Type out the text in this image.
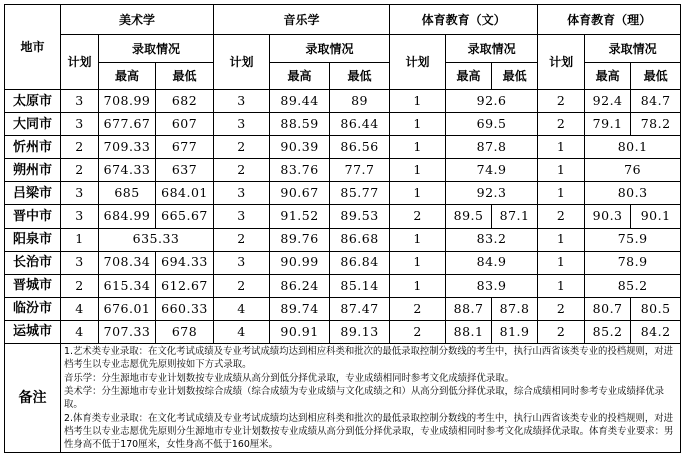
地市	美术学			音乐学			体育教育（文）			体育教育（理）		
	计划	录取情况		计划	录取情况		计划	录取情况		计划	录取情况	
		最高	最低		最高	最低		最高	最低		最高	最低
太原市	3	708.99	682	3	89.44	89	1	92.6		2	92.4	84.7
大同市	3	677.67	607	3	88.59	86.44	1	69.5		2	79.1	78.2
忻州市	2	709.33	677	2	90.39	86.56	1	87.8		1	80.1	
朔州市	2	674.33	637	2	83.76	77.7	1	74.9		1	76	
吕梁市	3	685	684.01	3	90.67	85.77	1	92.3		1	80.3	
晋中市	3	684.99	665.67	3	91.52	89.53	2	89.5	87.1	2	90.3	90.1
阳泉市	1	635.33		2	89.76	86.68	1	83.2		1	75.9	
长治市	3	708.34	694.33	3	90.99	86.84	1	84.9		1	78.9	
晋城市	2	615.34	612.67	2	86.24	85.14	1	83.9		1	85.2	
临汾市	4	676.01	660.33	4	89.74	87.47	2	88.7	87.8	2	80.7	80.5
运城市	4	707.33	678	4	90.91	89.13	2	88.1	81.9	2	85.2	84.2
备注	1.艺术类专业录取：在文化考试成绩及专业考试成绩均达到相应科类和批次的最低录取控制分数线的考生中，执行山西省该类专业的投档规则，对进档考生以专业志愿优先原则按如下方式录取。

音乐学：分生源地市专业计划数按专业成绩从高分到低分择优录取，专业成绩相同时参考文化成绩择优录取。

美术学：分生源地市专业计划数按综合成绩（综合成绩为专业成绩与文化成绩之和）从高分到低分择优录取，综合成绩相同时参考专业成绩择优录取。

2.体育类专业录取：在文化考试成绩及专业考试成绩均达到相应科类和批次的最低录取控制分数线的考生中，执行山西省该类专业的投档规则，对进档考生以专业志愿优先原则分生源地市专业计划数按专业成绩从高分到低分择优录取，专业成绩相同时参考文化成绩择优录取。体育类专业要求：男性身高不低于170厘米，女性身高不低于160厘米。											
